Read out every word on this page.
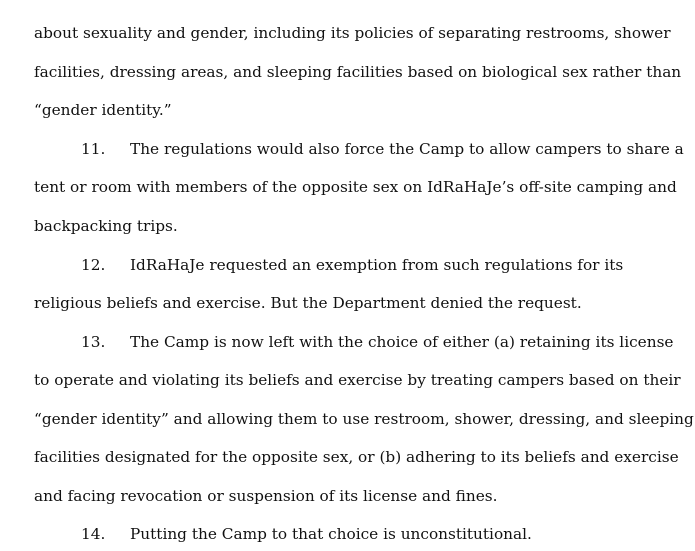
about sexuality and gender, including its policies of separating restrooms, shower
facilities, dressing areas, and sleeping facilities based on biological sex rather than
“gender identity.”
11. The regulations would also force the Camp to allow campers to share a
tent or room with members of the opposite sex on IdRaHaJe’s off-site camping and
backpacking trips.
12. IdRaHaJe requested an exemption from such regulations for its
religious beliefs and exercise. But the Department denied the request.
13. The Camp is now left with the choice of either (a) retaining its license
to operate and violating its beliefs and exercise by treating campers based on their
“gender identity” and allowing them to use restroom, shower, dressing, and sleeping
facilities designated for the opposite sex, or (b) adhering to its beliefs and exercise
and facing revocation or suspension of its license and fines.
14. Putting the Camp to that choice is unconstitutional.
